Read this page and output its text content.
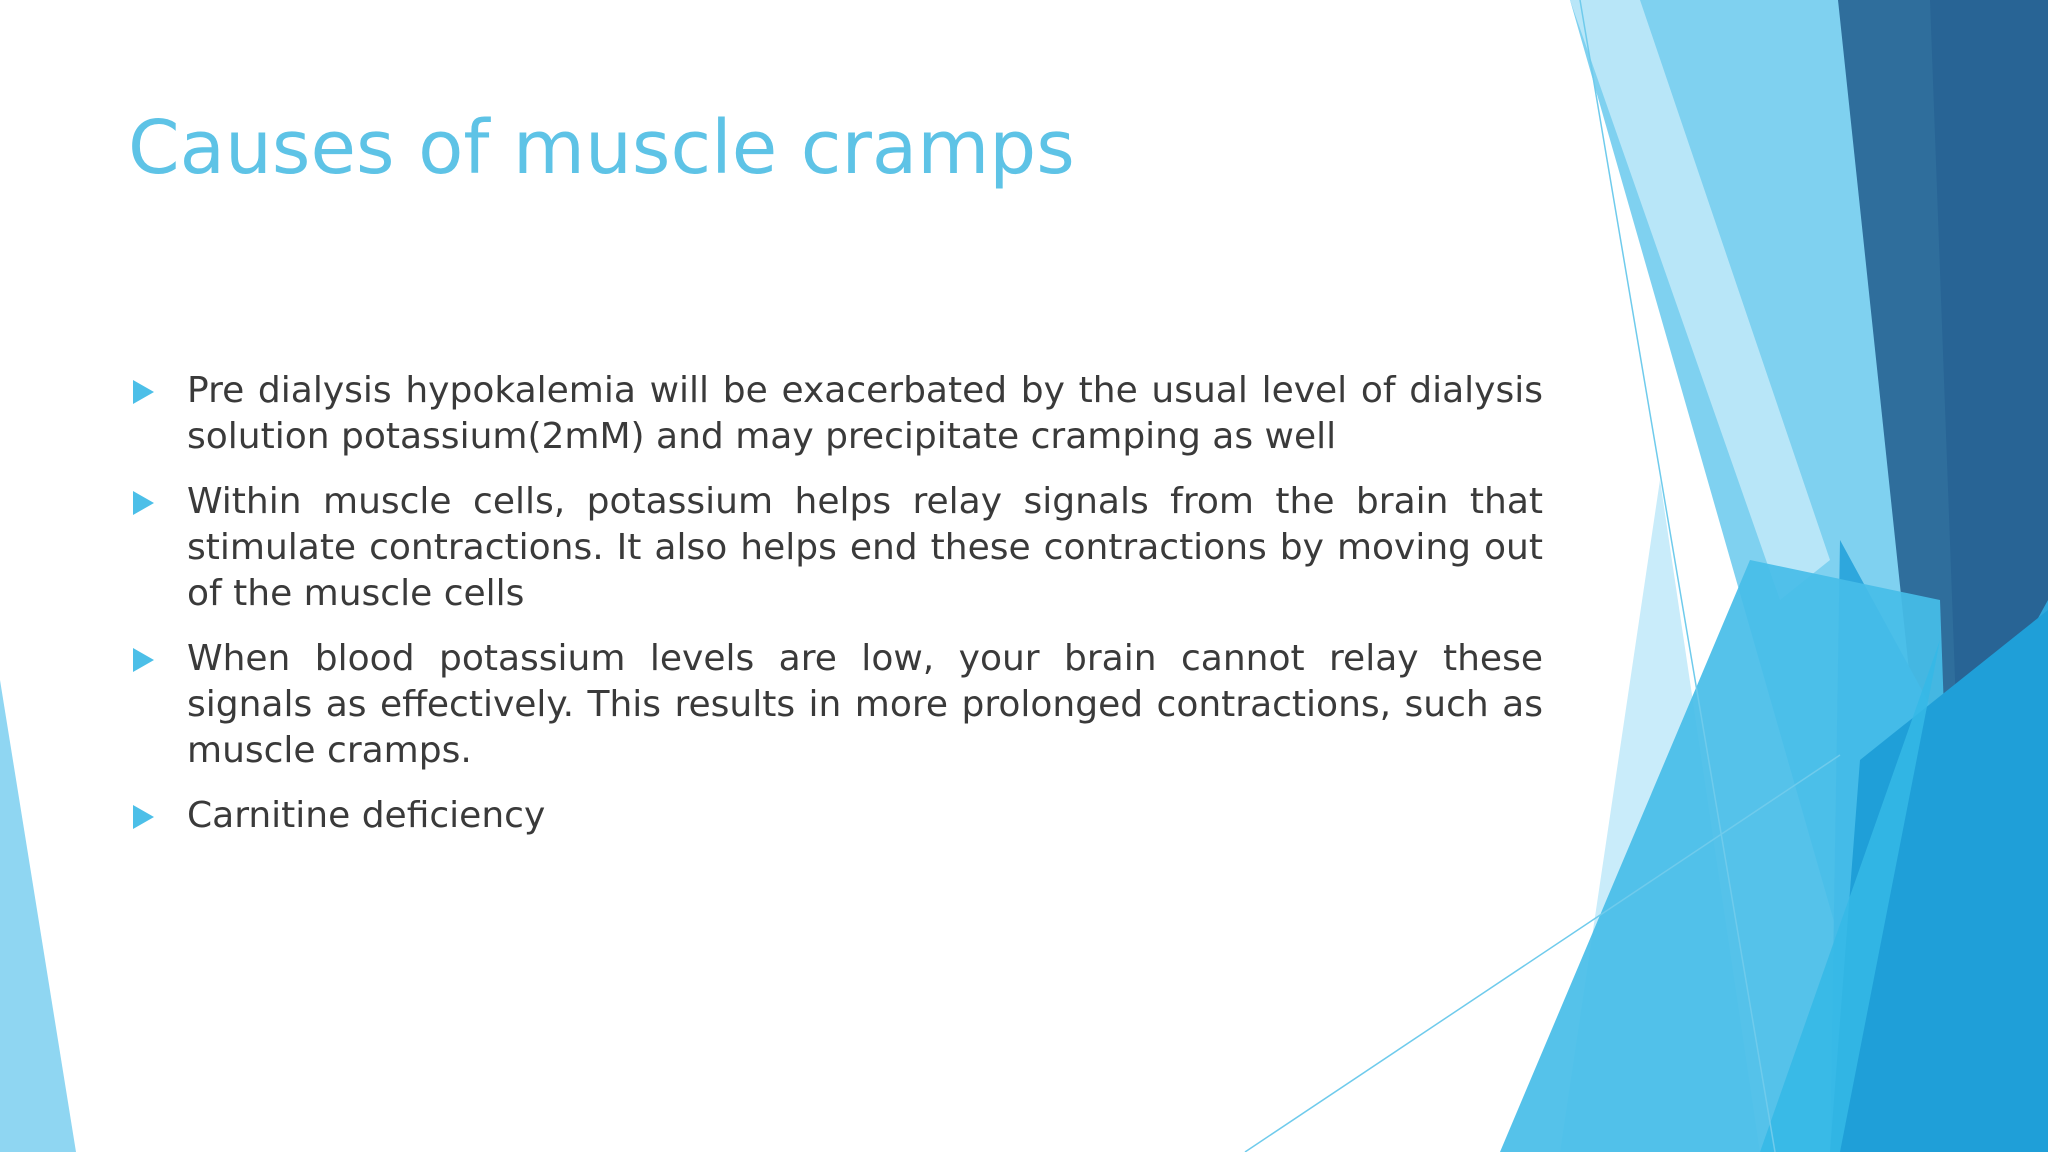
Causes of muscle cramps
Pre dialysis hypokalemia will be exacerbated by the usual level of dialysis solution potassium(2mM) and may precipitate cramping as well
Within muscle cells, potassium helps relay signals from the brain that stimulate contractions. It also helps end these contractions by moving out of the muscle cells
When blood potassium levels are low, your brain cannot relay these signals as effectively. This results in more prolonged contractions, such as muscle cramps.
Carnitine deficiency
